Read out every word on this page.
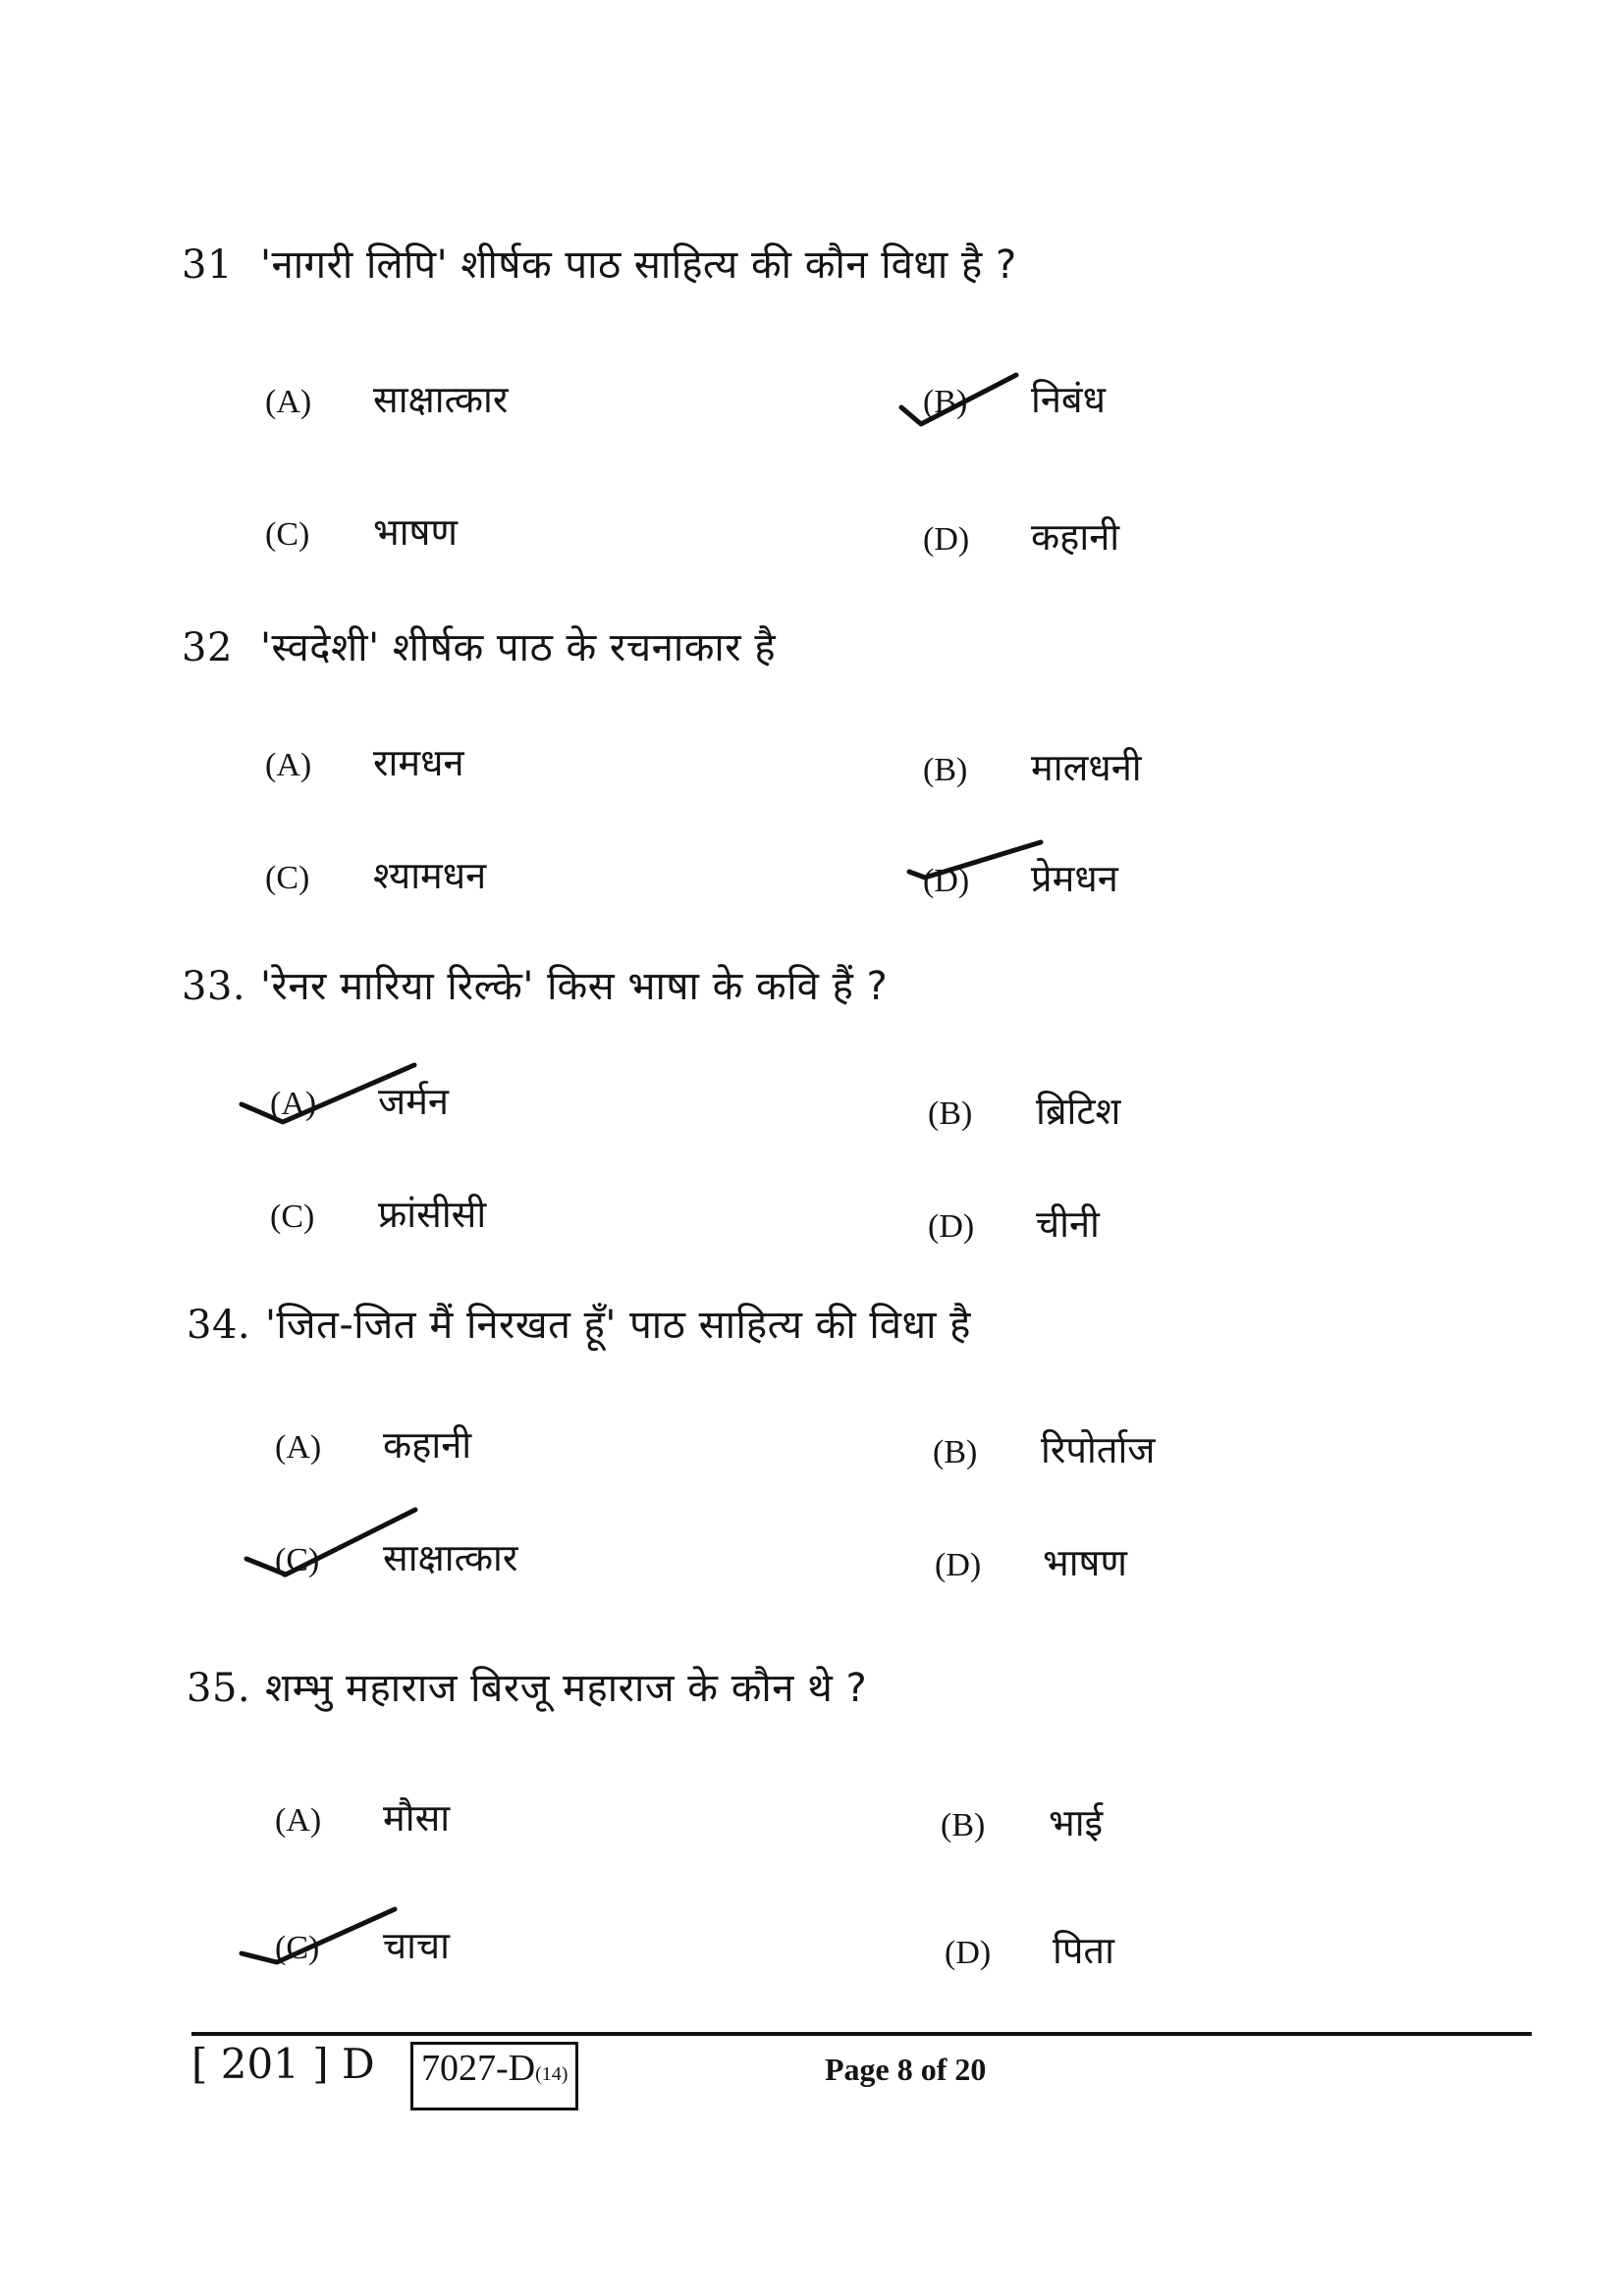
31 'नागरी लिपि' शीर्षक पाठ साहित्य की कौन विधा है ?
(A) साक्षात्कार	(B) निबंध
(C) भाषण	(D) कहानी
32 'स्वदेशी' शीर्षक पाठ के रचनाकार है
(A) रामधन	(B) मालधनी
(C) श्यामधन	(D) प्रेमधन
33. 'रेनर मारिया रिल्के' किस भाषा के कवि हैं ?
(A) जर्मन	(B) ब्रिटिश
(C) फ्रांसीसी	(D) चीनी
34. 'जित-जित मैं निरखत हूँ' पाठ साहित्य की विधा है
(A) कहानी	(B) रिपोर्ताज
(C) साक्षात्कार	(D) भाषण
35. शम्भु महाराज बिरजू महाराज के कौन थे ?
(A) मौसा	(B) भाई
(C) चाचा	(D) पिता
[ 201 ] D 7027-D(14)	Page 8 of 20
